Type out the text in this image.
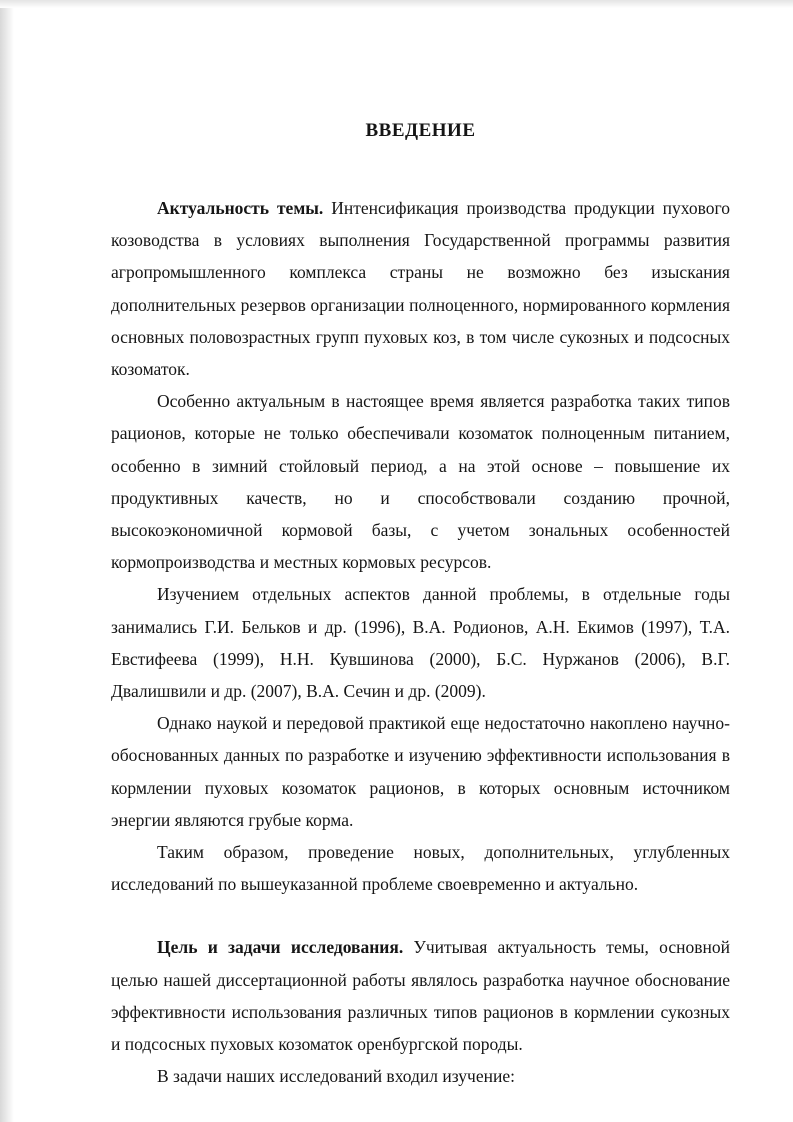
ВВЕДЕНИЕ

Актуальность темы. Интенсификация производства продукции пухового козоводства в условиях выполнения Государственной программы развития агропромышленного комплекса страны не возможно без изыскания дополнительных резервов организации полноценного, нормированного кормления основных половозрастных групп пуховых коз, в том числе сукозных и подсосных козоматок.

Особенно актуальным в настоящее время является разработка таких типов рационов, которые не только обеспечивали козоматок полноценным питанием, особенно в зимний стойловый период, а на этой основе – повышение их продуктивных качеств, но и способствовали созданию прочной, высокоэкономичной кормовой базы, с учетом зональных особенностей кормопроизводства и местных кормовых ресурсов.

Изучением отдельных аспектов данной проблемы, в отдельные годы занимались Г.И. Бельков и др. (1996), В.А. Родионов, А.Н. Екимов (1997), Т.А. Евстифеева (1999), Н.Н. Кувшинова (2000), Б.С. Нуржанов (2006), В.Г. Двалишвили и др. (2007), В.А. Сечин и др. (2009).

Однако наукой и передовой практикой еще недостаточно накоплено научно-обоснованных данных по разработке и изучению эффективности использования в кормлении пуховых козоматок рационов, в которых основным источником энергии являются грубые корма.

Таким образом, проведение новых, дополнительных, углубленных исследований по вышеуказанной проблеме своевременно и актуально.

Цель и задачи исследования. Учитывая актуальность темы, основной целью нашей диссертационной работы являлось разработка научное обоснование эффективности использования различных типов рационов в кормлении сукозных и подсосных пуховых козоматок оренбургской породы.

В задачи наших исследований входил изучение:
